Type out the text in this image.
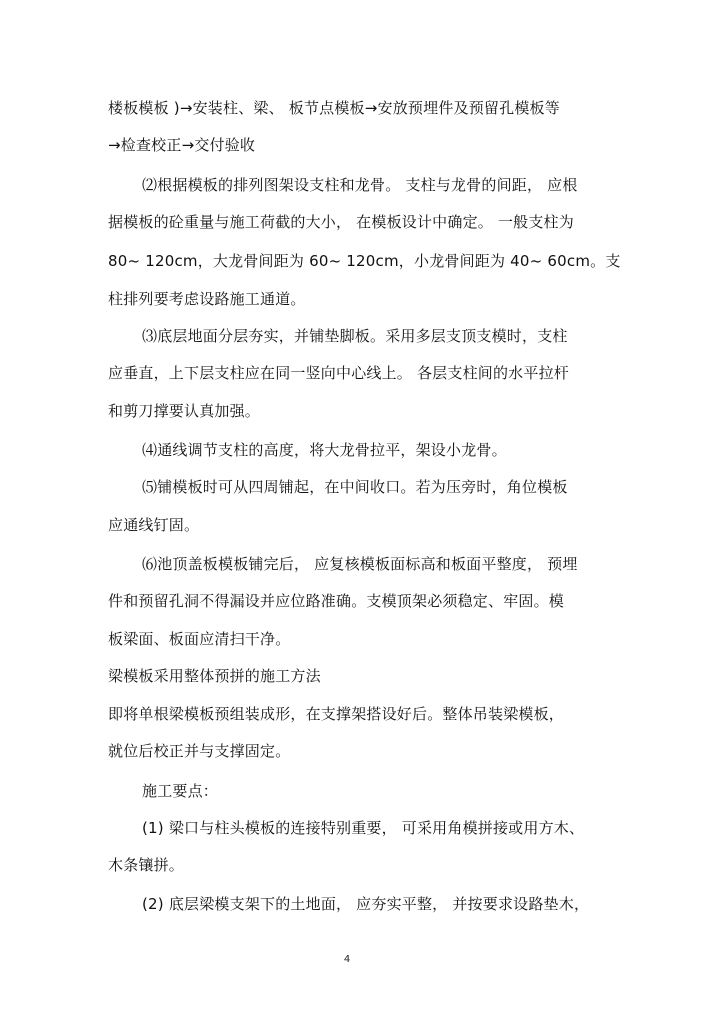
楼板模板 )→安装柱、梁、 板节点模板→安放预埋件及预留孔模板等
→检查校正→交付验收
⑵根据模板的排列图架设支柱和龙骨。 支柱与龙骨的间距， 应根
据模板的砼重量与施工荷截的大小， 在模板设计中确定。 一般支柱为
80~ 120cm，大龙骨间距为 60~ 120cm，小龙骨间距为 40~ 60cm。支
柱排列要考虑设路施工通道。
⑶底层地面分层夯实，并铺垫脚板。采用多层支顶支模时，支柱
应垂直，上下层支柱应在同一竖向中心线上。 各层支柱间的水平拉杆
和剪刀撑要认真加强。
⑷通线调节支柱的高度，将大龙骨拉平，架设小龙骨。
⑸铺模板时可从四周铺起，在中间收口。若为压旁时，角位模板
应通线钉固。
⑹池顶盖板模板铺完后， 应复核模板面标高和板面平整度， 预埋
件和预留孔洞不得漏设并应位路准确。支模顶架必须稳定、牢固。模
板梁面、板面应清扫干净。
梁模板采用整体预拼的施工方法
即将单根梁模板预组装成形，在支撑架搭设好后。整体吊装梁模板，
就位后校正并与支撑固定。
施工要点：
(1) 梁口与柱头模板的连接特别重要， 可采用角模拼接或用方木、
木条镶拼。
(2) 底层梁模支架下的土地面， 应夯实平整， 并按要求设路垫木，
4
